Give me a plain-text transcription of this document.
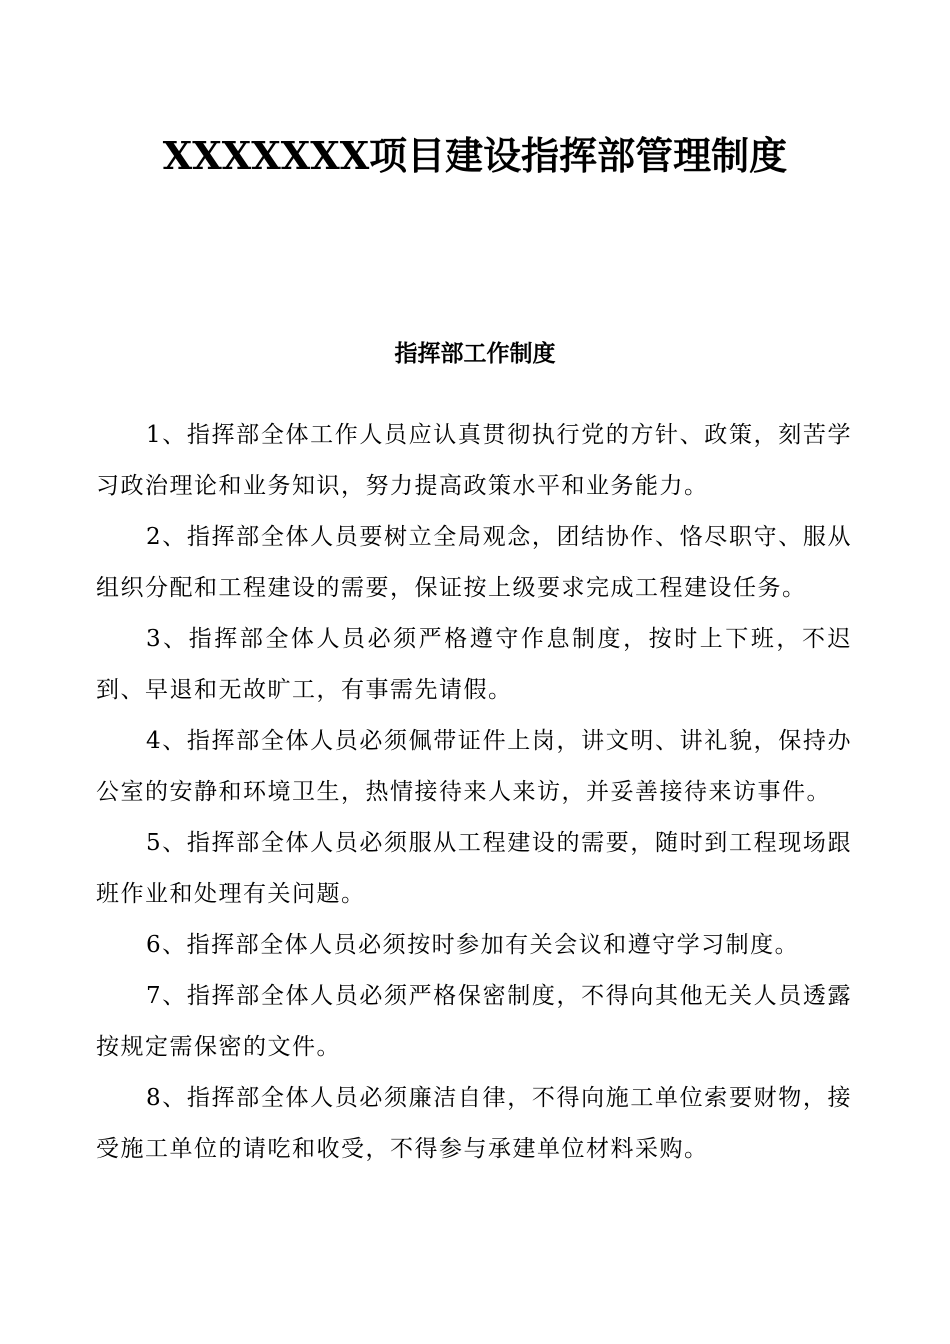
XXXXXXX项目建设指挥部管理制度
指挥部工作制度

1、指挥部全体工作人员应认真贯彻执行党的方针、政策，刻苦学习政治理论和业务知识，努力提高政策水平和业务能力。

2、指挥部全体人员要树立全局观念，团结协作、恪尽职守、服从组织分配和工程建设的需要，保证按上级要求完成工程建设任务。

3、指挥部全体人员必须严格遵守作息制度，按时上下班，不迟到、早退和无故旷工，有事需先请假。

4、指挥部全体人员必须佩带证件上岗，讲文明、讲礼貌，保持办公室的安静和环境卫生，热情接待来人来访，并妥善接待来访事件。

5、指挥部全体人员必须服从工程建设的需要，随时到工程现场跟班作业和处理有关问题。

6、指挥部全体人员必须按时参加有关会议和遵守学习制度。

7、指挥部全体人员必须严格保密制度，不得向其他无关人员透露按规定需保密的文件。

8、指挥部全体人员必须廉洁自律，不得向施工单位索要财物，接受施工单位的请吃和收受，不得参与承建单位材料采购。
